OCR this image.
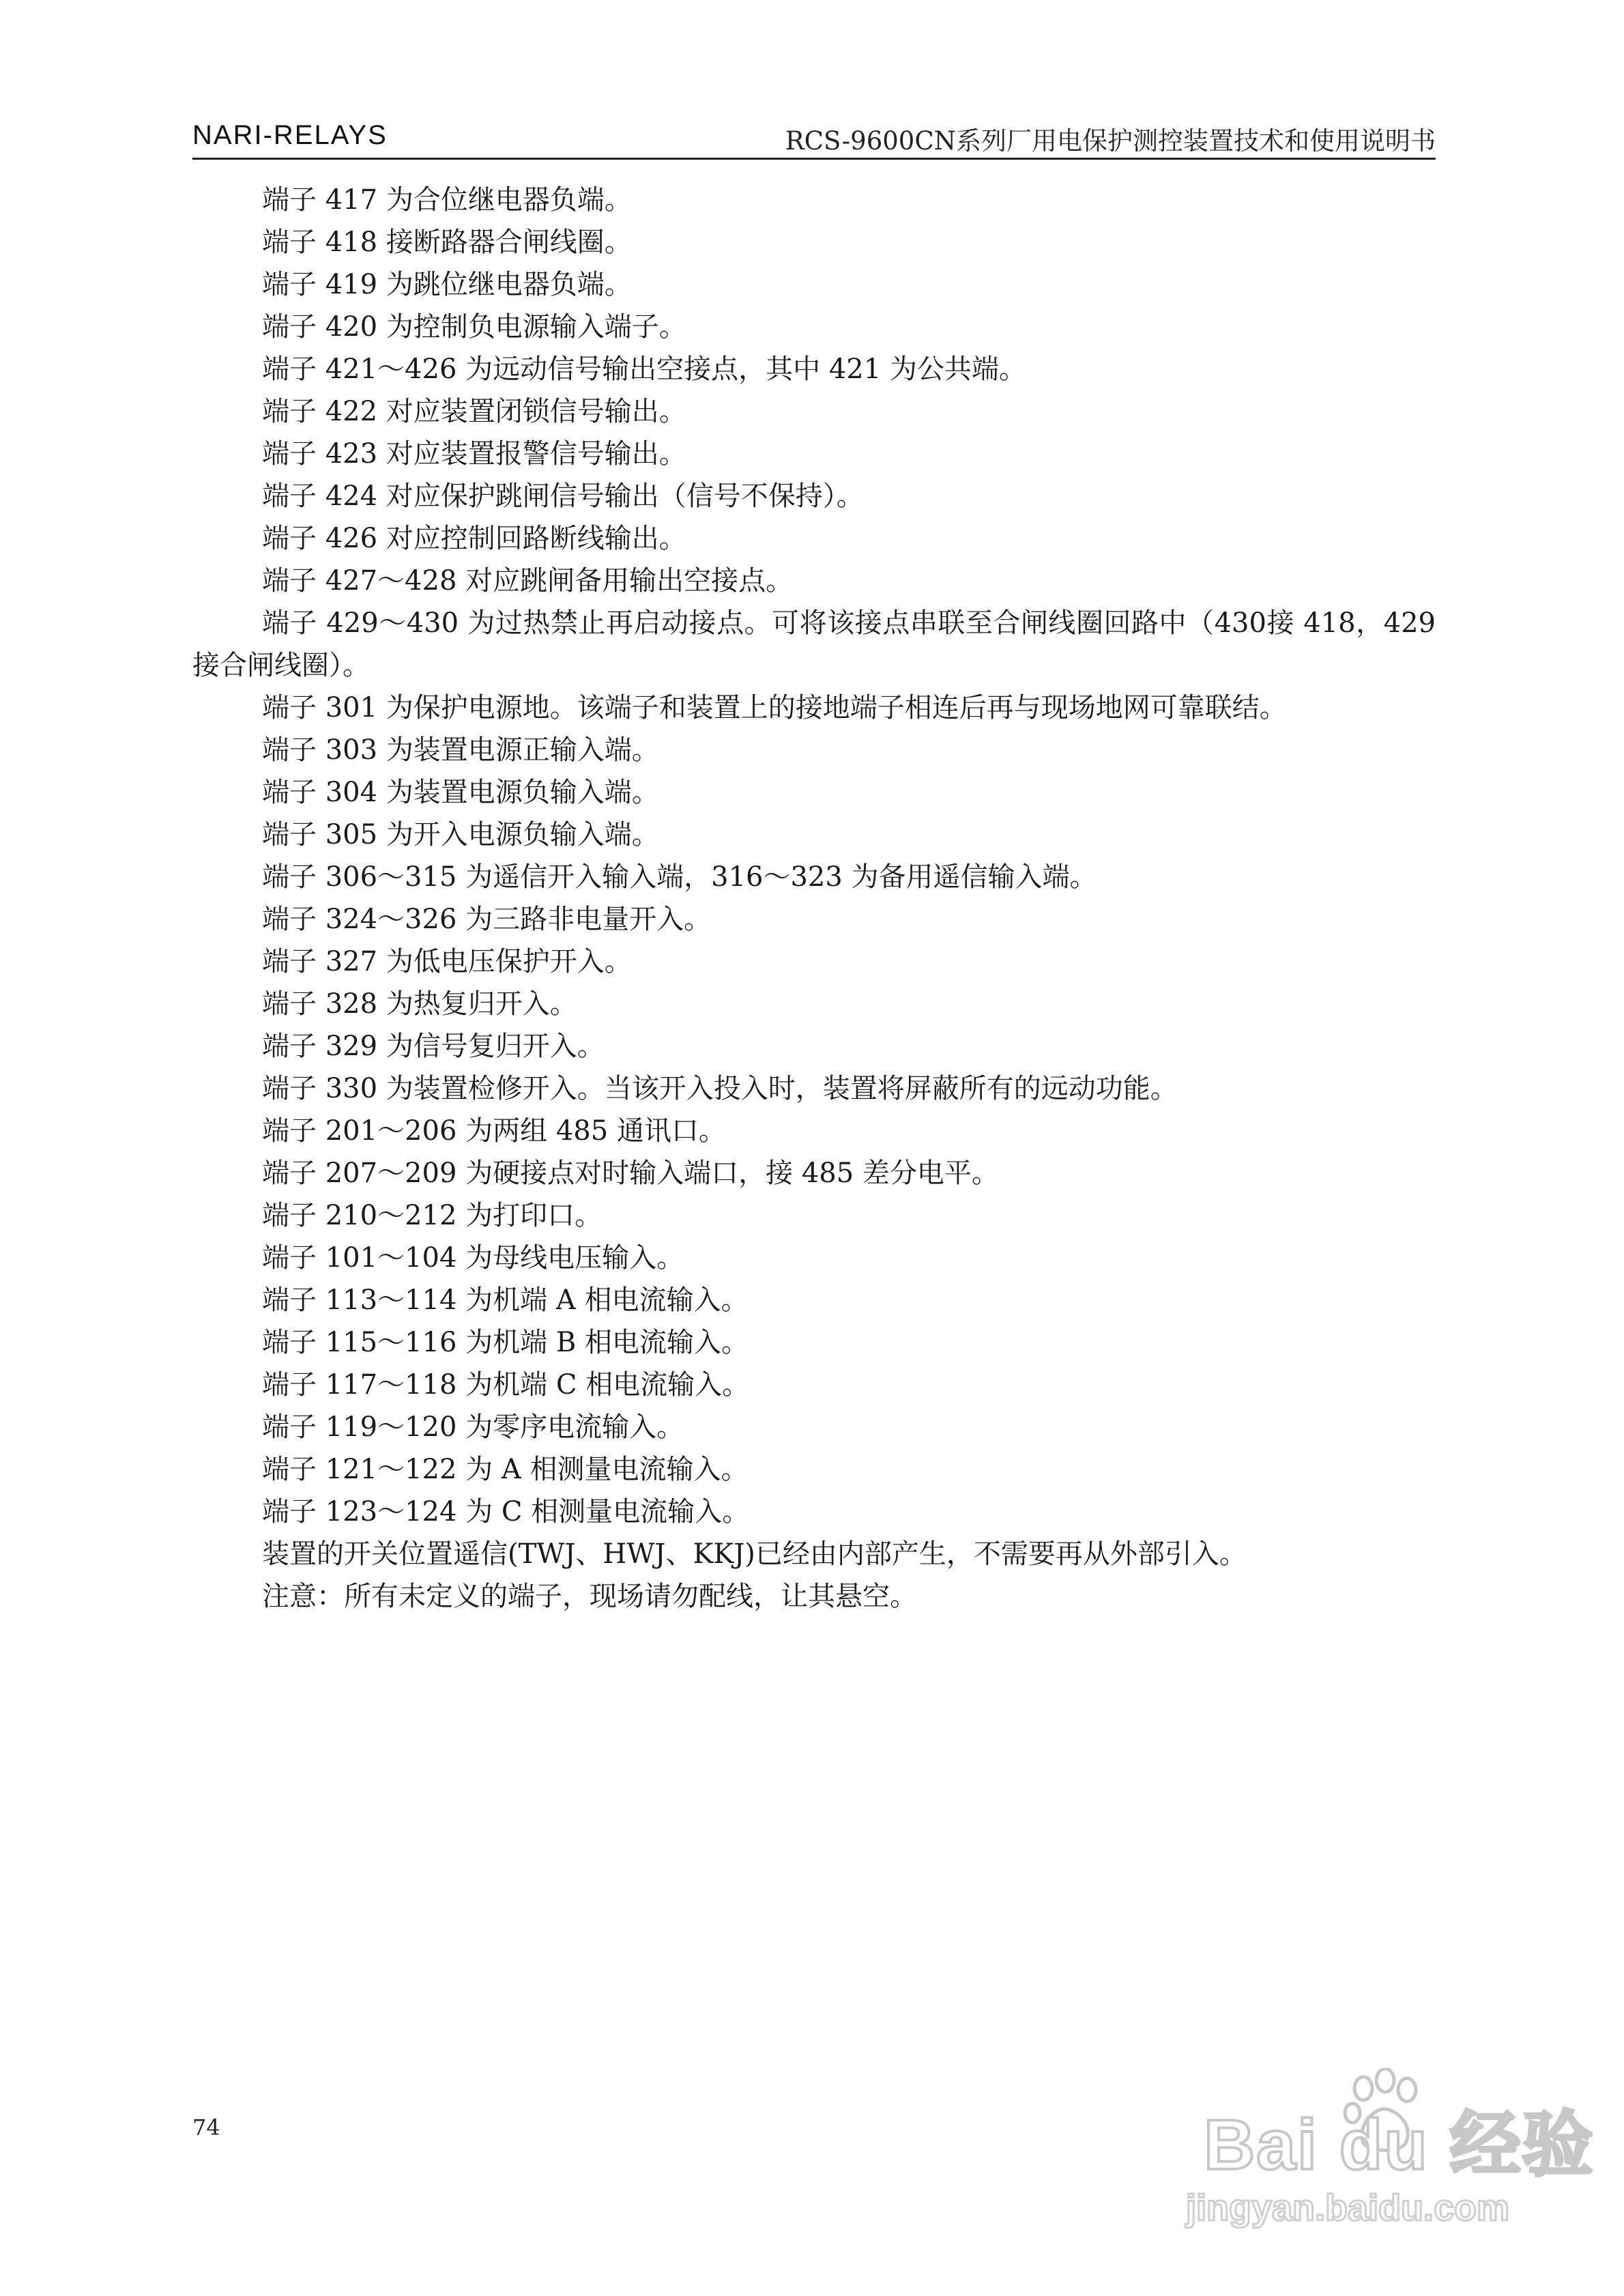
NARI-RELAYS	RCS-9600CN系列厂用电保护测控装置技术和使用说明书

端子 417 为合位继电器负端。

端子 418 接断路器合闸线圈。

端子 419 为跳位继电器负端。

端子 420 为控制负电源输入端子。

端子 421～426 为远动信号输出空接点，其中 421 为公共端。

端子 422 对应装置闭锁信号输出。

端子 423 对应装置报警信号输出。

端子 424 对应保护跳闸信号输出（信号不保持）。

端子 426 对应控制回路断线输出。

端子 427～428 对应跳闸备用输出空接点。

端子 429～430 为过热禁止再启动接点。可将该接点串联至合闸线圈回路中（430接 418，429 接合闸线圈）。

端子 301 为保护电源地。该端子和装置上的接地端子相连后再与现场地网可靠联结。

端子 303 为装置电源正输入端。

端子 304 为装置电源负输入端。

端子 305 为开入电源负输入端。

端子 306～315 为遥信开入输入端，316～323 为备用遥信输入端。

端子 324～326 为三路非电量开入。

端子 327 为低电压保护开入。

端子 328 为热复归开入。

端子 329 为信号复归开入。

端子 330 为装置检修开入。当该开入投入时，装置将屏蔽所有的远动功能。

端子 201～206 为两组 485 通讯口。

端子 207～209 为硬接点对时输入端口，接 485 差分电平。

端子 210～212 为打印口。

端子 101～104 为母线电压输入。

端子 113～114 为机端 A 相电流输入。

端子 115～116 为机端 B 相电流输入。

端子 117～118 为机端 C 相电流输入。

端子 119～120 为零序电流输入。

端子 121～122 为 A 相测量电流输入。

端子 123～124 为 C 相测量电流输入。

装置的开关位置遥信(TWJ、HWJ、KKJ)已经由内部产生，不需要再从外部引入。

注意：所有未定义的端子，现场请勿配线，让其悬空。

74	Bai du 经验
jingyan.baidu.com
